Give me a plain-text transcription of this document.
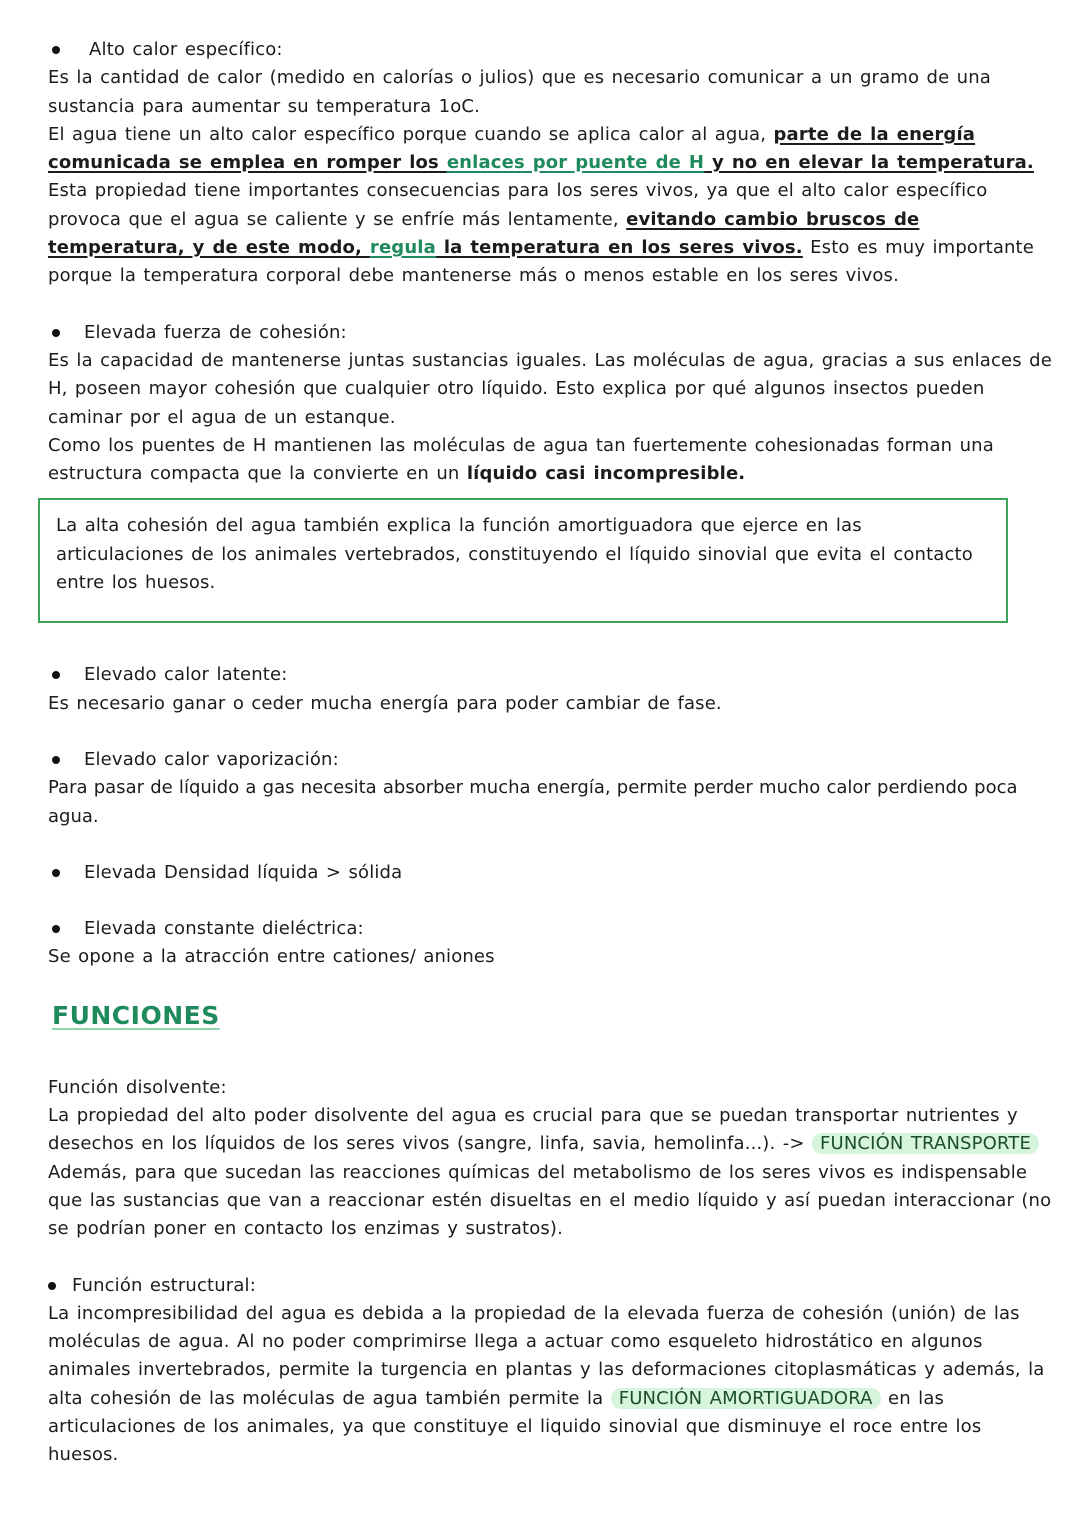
Alto calor específico:

Es la cantidad de calor (medido en calorías o julios) que es necesario comunicar a un gramo de una sustancia para aumentar su temperatura 1oC.

El agua tiene un alto calor específico porque cuando se aplica calor al agua, parte de la energía comunicada se emplea en romper los enlaces por puente de H y no en elevar la temperatura. Esta propiedad tiene importantes consecuencias para los seres vivos, ya que el alto calor específico provoca que el agua se caliente y se enfríe más lentamente, evitando cambio bruscos de temperatura, y de este modo, regula la temperatura en los seres vivos. Esto es muy importante porque la temperatura corporal debe mantenerse más o menos estable en los seres vivos.

Elevada fuerza de cohesión:

Es la capacidad de mantenerse juntas sustancias iguales. Las moléculas de agua, gracias a sus enlaces de H, poseen mayor cohesión que cualquier otro líquido. Esto explica por qué algunos insectos pueden caminar por el agua de un estanque.

Como los puentes de H mantienen las moléculas de agua tan fuertemente cohesionadas forman una estructura compacta que la convierte en un líquido casi incompresible.

La alta cohesión del agua también explica la función amortiguadora que ejerce en las articulaciones de los animales vertebrados, constituyendo el líquido sinovial que evita el contacto entre los huesos.

Elevado calor latente:

Es necesario ganar o ceder mucha energía para poder cambiar de fase.

Elevado calor vaporización:

Para pasar de líquido a gas necesita absorber mucha energía, permite perder mucho calor perdiendo poca agua.

Elevada Densidad líquida > sólida
Elevada constante dieléctrica:

Se opone a la atracción entre cationes/ aniones

FUNCIONES

Función disolvente:

La propiedad del alto poder disolvente del agua es crucial para que se puedan transportar nutrientes y desechos en los líquidos de los seres vivos (sangre, linfa, savia, hemolinfa...). -> FUNCIÓN TRANSPORTE

Además, para que sucedan las reacciones químicas del metabolismo de los seres vivos es indispensable que las sustancias que van a reaccionar estén disueltas en el medio líquido y así puedan interaccionar (no se podrían poner en contacto los enzimas y sustratos).

Función estructural:

La incompresibilidad del agua es debida a la propiedad de la elevada fuerza de cohesión (unión) de las moléculas de agua. Al no poder comprimirse llega a actuar como esqueleto hidrostático en algunos animales invertebrados, permite la turgencia en plantas y las deformaciones citoplasmáticas y además, la alta cohesión de las moléculas de agua también permite la FUNCIÓN AMORTIGUADORA en las articulaciones de los animales, ya que constituye el liquido sinovial que disminuye el roce entre los huesos.
